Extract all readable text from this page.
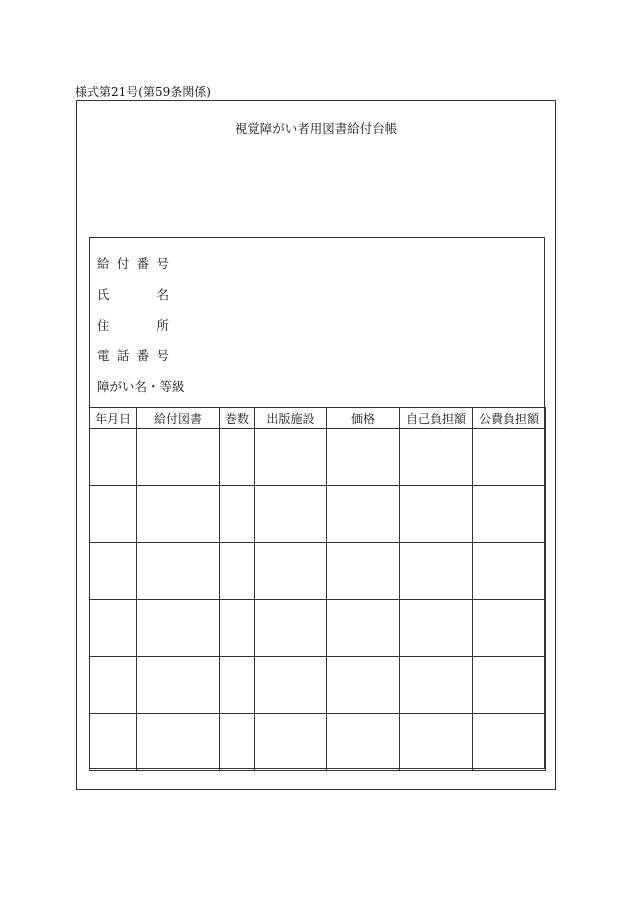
様式第21号(第59条関係)
視覚障がい者用図書給付台帳
給付番号
氏名
住所
電話番号
障がい名・等級
年月日	給付図書	巻数	出版施設	価格	自己負担額	公費負担額
